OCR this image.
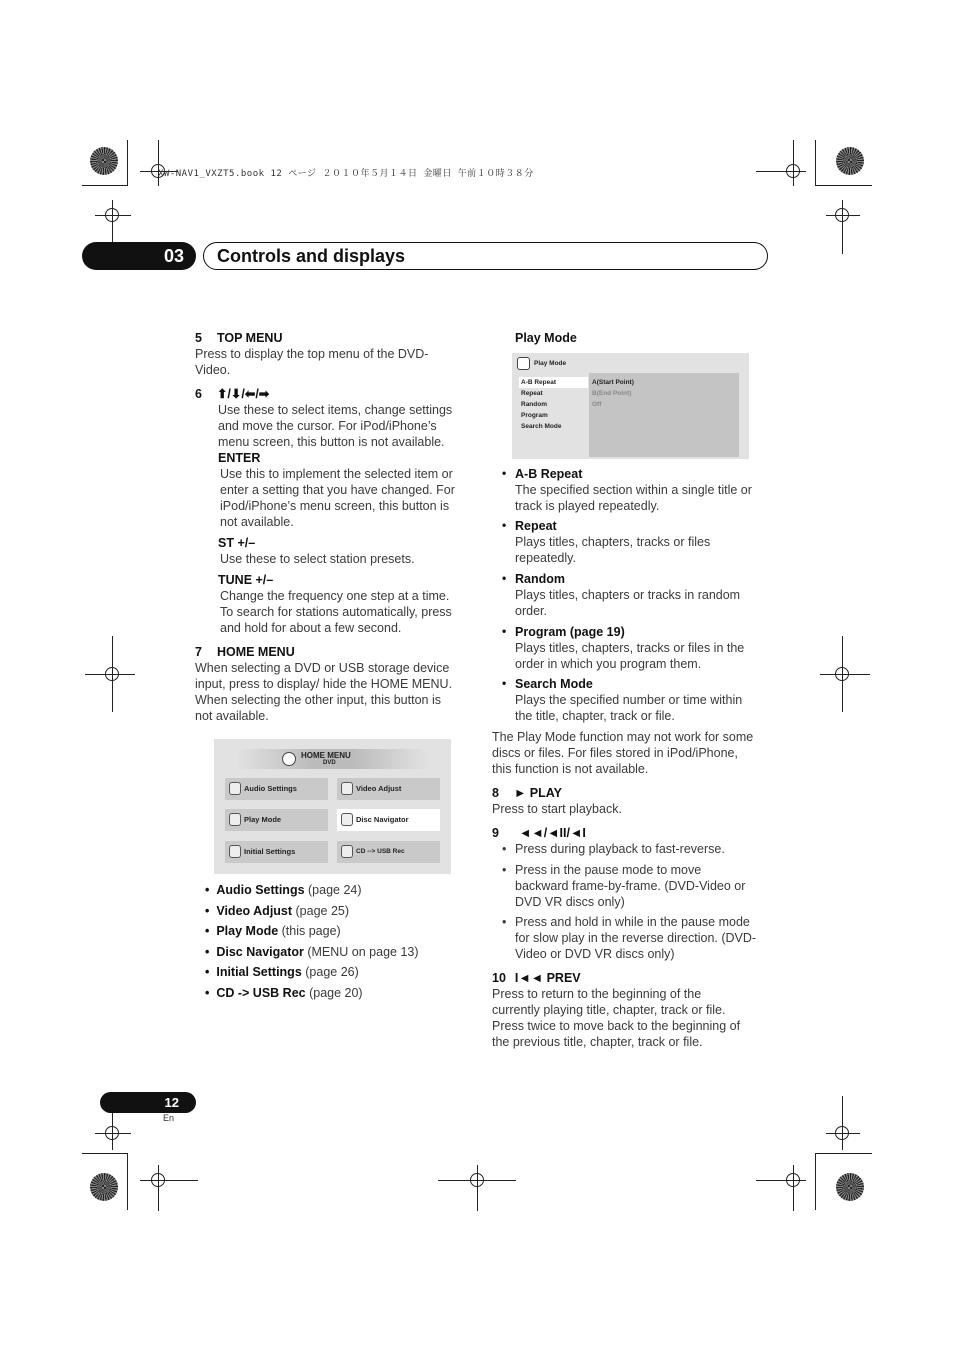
XW-NAV1_VXZT5.book 12 ページ ２０１０年５月１４日 金曜日 午前１０時３８分
03	Controls and displays
5 TOP MENU

Press to display the top menu of the DVD-

Video.

6 ⬆/⬇/⬅/➡

Use these to select items, change settings

and move the cursor. For iPod/iPhone’s

menu screen, this button is not available.

ENTER

Use this to implement the selected item or

enter a setting that you have changed. For

iPod/iPhone’s menu screen, this button is

not available.

ST +/–

Use these to select station presets.

TUNE +/–

Change the frequency one step at a time.

To search for stations automatically, press

and hold for about a few second.

7 HOME MENU

When selecting a DVD or USB storage device

input, press to display/ hide the HOME MENU.

When selecting the other input, this button is

not available.

HOME MENU
DVD
Audio Settings	Video Adjust
Play Mode	Disc Navigator
Initial Settings	CD --> USB Rec
• Audio Settings (page 24)
• Video Adjust (page 25)
• Play Mode (this page)
• Disc Navigator (MENU on page 13)
• Initial Settings (page 26)
• CD -> USB Rec (page 20)
Play Mode
Play Mode
A-B Repeat
Repeat
Random
Program
Search Mode
A(Start Point)
B(End Point)
Off
• A-B Repeat

The specified section within a single title or

track is played repeatedly.

• Repeat

Plays titles, chapters, tracks or files

repeatedly.

• Random

Plays titles, chapters or tracks in random

order.

• Program (page 19)

Plays titles, chapters, tracks or files in the

order in which you program them.

• Search Mode

Plays the specified number or time within

the title, chapter, track or file.

The Play Mode function may not work for some

discs or files. For files stored in iPod/iPhone,

this function is not available.

8 ► PLAY

Press to start playback.

9 ◄◄/◄II/◄I
• Press during playback to fast-reverse.

• Press in the pause mode to move

backward frame-by-frame. (DVD-Video or

DVD VR discs only)

• Press and hold in while in the pause mode

for slow play in the reverse direction. (DVD-

Video or DVD VR discs only)

10 I◄◄ PREV

Press to return to the beginning of the

currently playing title, chapter, track or file.

Press twice to move back to the beginning of

the previous title, chapter, track or file.

12
En
